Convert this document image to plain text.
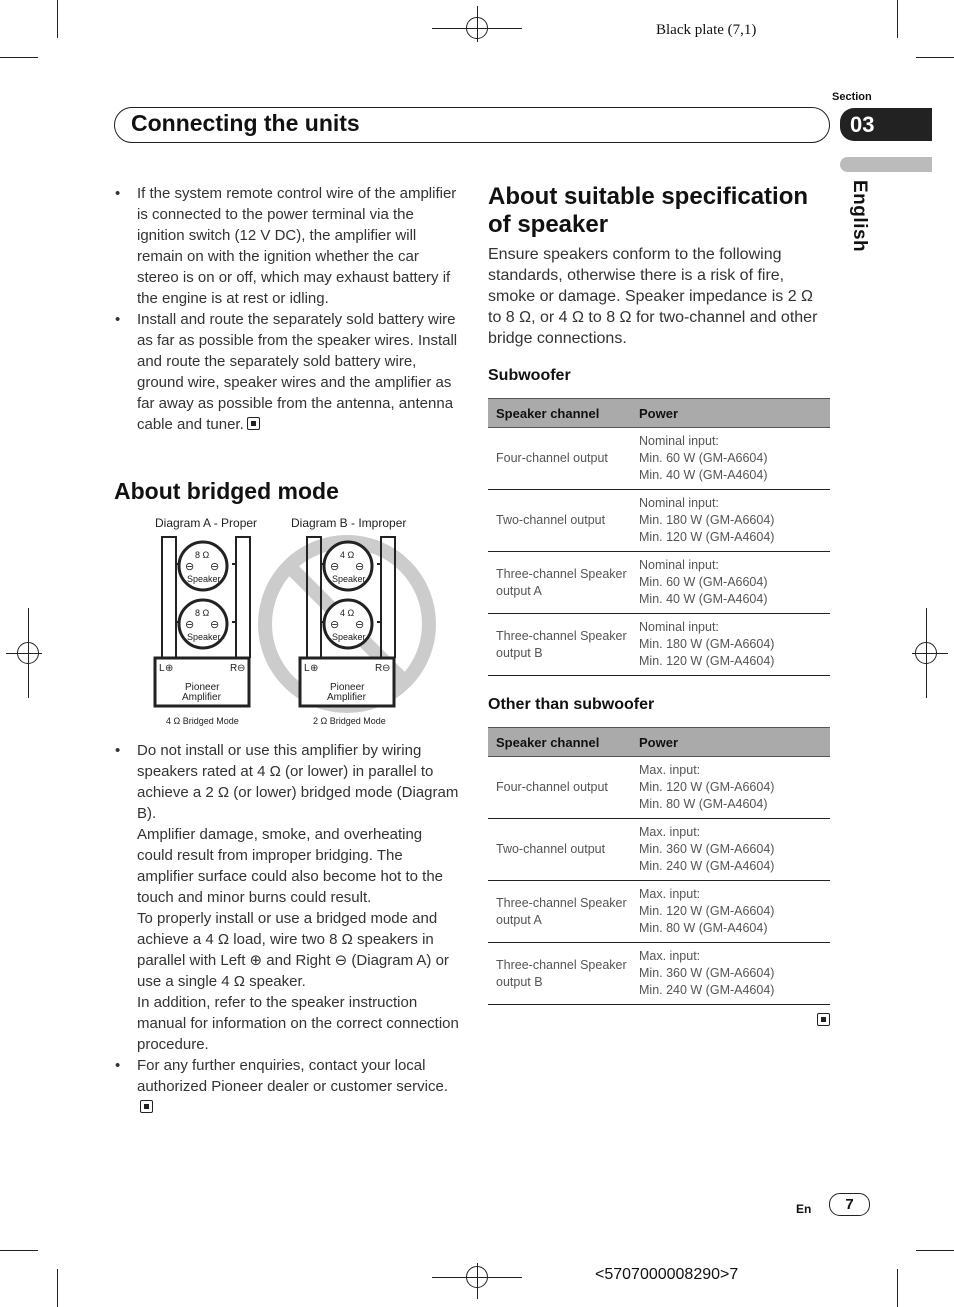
Black plate (7,1)
Section
03
English
Connecting the units
• If the system remote control wire of the amplifier is connected to the power terminal via the ignition switch (12 V DC), the amplifier will remain on with the ignition whether the car stereo is on or off, which may exhaust battery if the engine is at rest or idling.
• Install and route the separately sold battery wire as far as possible from the speaker wires. Install and route the separately sold battery wire, ground wire, speaker wires and the amplifier as far away as possible from the antenna, antenna cable and tuner.
About bridged mode
Diagram A - Proper	Diagram B - Improper
8 Ω
8 Ω
Speaker
Speaker
⊖ ⊖
⊖ ⊖
L ⊕	R ⊖
Pioneer
Amplifier
4 Ω Bridged Mode
4 Ω
4 Ω
Speaker
Speaker
⊖ ⊖
⊖ ⊖
L ⊕	R ⊖
Pioneer
Amplifier
2 Ω Bridged Mode
• Do not install or use this amplifier by wiring speakers rated at 4 Ω (or lower) in parallel to achieve a 2 Ω (or lower) bridged mode (Diagram B).
Amplifier damage, smoke, and overheating could result from improper bridging. The amplifier surface could also become hot to the touch and minor burns could result.
To properly install or use a bridged mode and achieve a 4 Ω load, wire two 8 Ω speakers in parallel with Left ⊕ and Right ⊖ (Diagram A) or use a single 4 Ω speaker.
In addition, refer to the speaker instruction manual for information on the correct connection procedure.
• For any further enquiries, contact your local authorized Pioneer dealer or customer service.
About suitable specification of speaker

Ensure speakers conform to the following standards, otherwise there is a risk of fire, smoke or damage. Speaker impedance is 2 Ω to 8 Ω, or 4 Ω to 8 Ω for two-channel and other bridge connections.

Subwoofer
Speaker channel	Power
Four-channel output	Nominal input:
Min. 60 W (GM-A6604)
Min. 40 W (GM-A4604)

Two-channel output	Nominal input:
Min. 180 W (GM-A6604)
Min. 120 W (GM-A4604)

Three-channel Speaker output A	Nominal input:
Min. 60 W (GM-A6604)
Min. 40 W (GM-A4604)

Three-channel Speaker output B	Nominal input:
Min. 180 W (GM-A6604)
Min. 120 W (GM-A4604)
Other than subwoofer
Speaker channel	Power
Four-channel output	Max. input:
Min. 120 W (GM-A6604)
Min. 80 W (GM-A4604)

Two-channel output	Max. input:
Min. 360 W (GM-A6604)
Min. 240 W (GM-A4604)

Three-channel Speaker output A	Max. input:
Min. 120 W (GM-A6604)
Min. 80 W (GM-A4604)

Three-channel Speaker output B	Max. input:
Min. 360 W (GM-A6604)
Min. 240 W (GM-A4604)
En	7
<5707000008290>7
